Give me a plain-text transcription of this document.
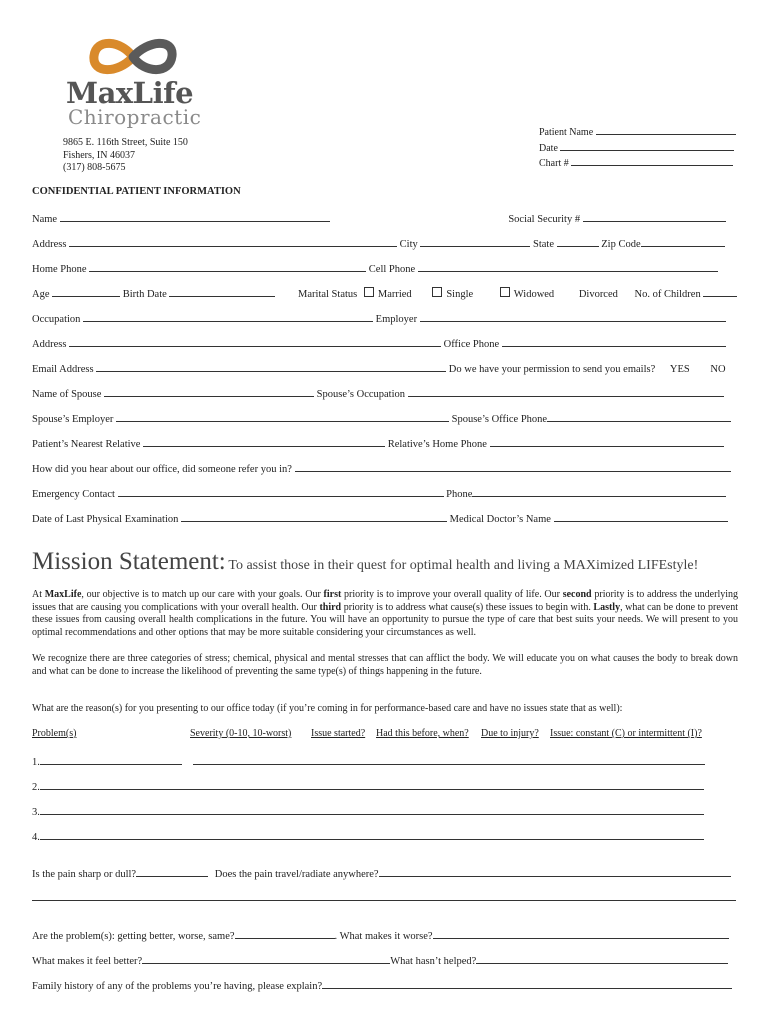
MaxLife
Chiropractic
9865 E. 116th Street, Suite 150
Fishers, IN 46037
(317) 808-5675
Patient Name
Date
Chart #
CONFIDENTIAL PATIENT INFORMATION
Name	Social Security #
Address	City	State	Zip Code
Home Phone	Cell Phone
Age	Birth Date	Marital Status Married	Single	Widowed Divorced No. of Children
Occupation	Employer
Address	Office Phone
Email Address	Do we have your permission to send you emails? YES NO
Name of Spouse	Spouse’s Occupation
Spouse’s Employer	Spouse’s Office Phone
Patient’s Nearest Relative	Relative’s Home Phone
How did you hear about our office, did someone refer you in?
Emergency Contact	Phone
Date of Last Physical Examination	Medical Doctor’s Name
Mission Statement: To assist those in their quest for optimal health and living a MAXimized LIFEstyle!
At MaxLife, our objective is to match up our care with your goals. Our first priority is to improve your overall quality of life. Our second priority is to address the underlying issues that are causing you complications with your overall health. Our third priority is to address what cause(s) these issues to begin with. Lastly, what can be done to prevent these issues from causing overall health complications in the future. You will have an opportunity to pursue the type of care that best suits your needs. We will present to you optimal recommendations and other options that may be more suitable considering your circumstances as well.
We recognize there are three categories of stress; chemical, physical and mental stresses that can afflict the body. We will educate you on what causes the body to break down and what can be done to increase the likelihood of preventing the same type(s) of things happening in the future.
What are the reason(s) for you presenting to our office today (if you’re coming in for performance-based care and have no issues state that as well):
Problem(s)	Severity (0-10, 10-worst) Issue started? Had this before, when? Due to injury? Issue: constant (C) or intermittent (I)?
1.
2.
3.
4.
Is the pain sharp or dull?	Does the pain travel/radiate anywhere?
Are the problem(s): getting better, worse, same?	. What makes it worse?
What makes it feel better?	What hasn’t helped?
Family history of any of the problems you’re having, please explain?
